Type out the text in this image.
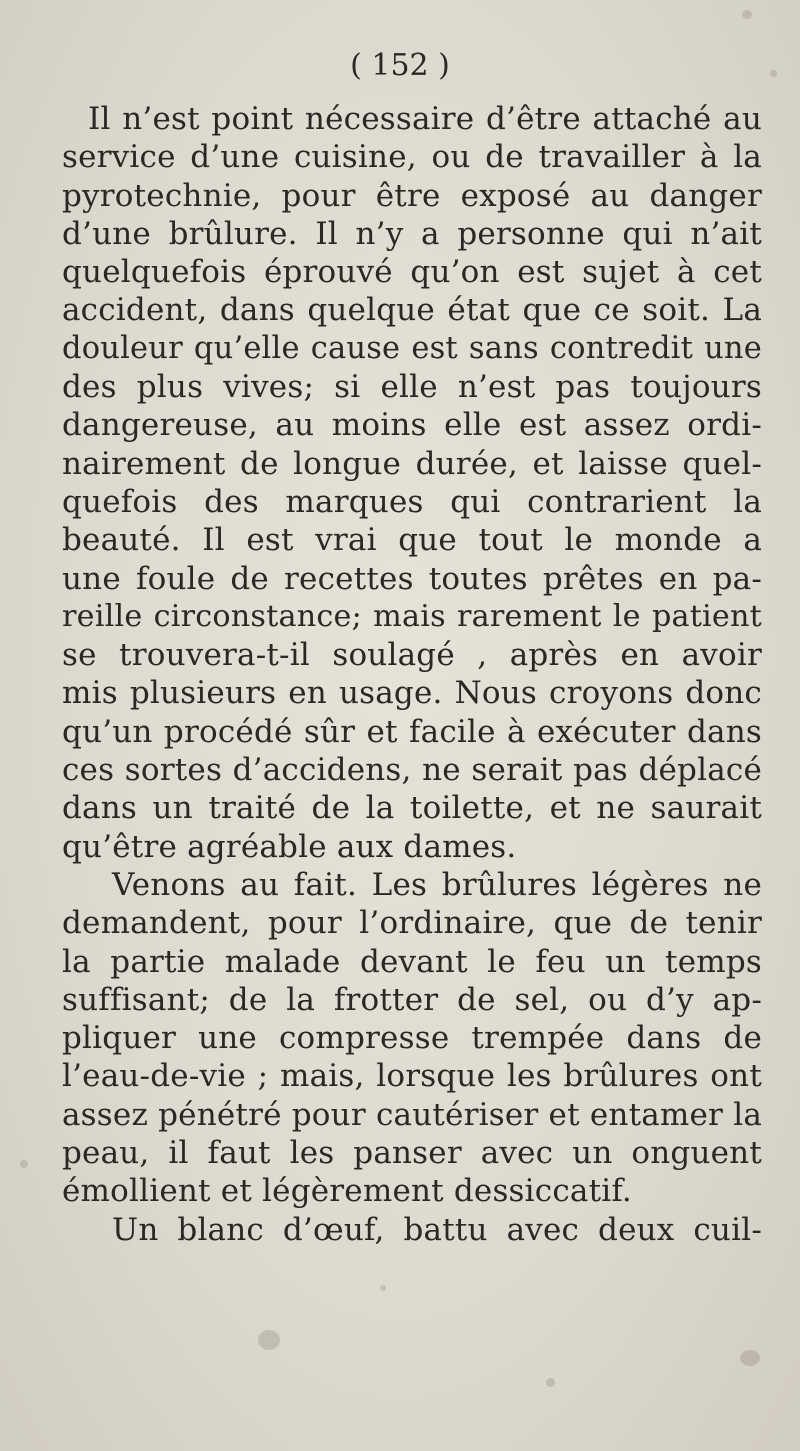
( 152 )
Il n’est point nécessaire d’être attaché au
service d’une cuisine, ou de travailler à la
pyrotechnie, pour être exposé au danger
d’une brûlure. Il n’y a personne qui n’ait
quelquefois éprouvé qu’on est sujet à cet
accident, dans quelque état que ce soit. La
douleur qu’elle cause est sans contredit une
des plus vives; si elle n’est pas toujours
dangereuse, au moins elle est assez ordi-
nairement de longue durée, et laisse quel-
quefois des marques qui contrarient la
beauté. Il est vrai que tout le monde a
une foule de recettes toutes prêtes en pa-
reille circonstance; mais rarement le patient
se trouvera-t-il soulagé , après en avoir
mis plusieurs en usage. Nous croyons donc
qu’un procédé sûr et facile à exécuter dans
ces sortes d’accidens, ne serait pas déplacé
dans un traité de la toilette, et ne saurait
qu’être agréable aux dames.
Venons au fait. Les brûlures légères ne
demandent, pour l’ordinaire, que de tenir
la partie malade devant le feu un temps
suffisant; de la frotter de sel, ou d’y ap-
pliquer une compresse trempée dans de
l’eau-de-vie ; mais, lorsque les brûlures ont
assez pénétré pour cautériser et entamer la
peau, il faut les panser avec un onguent
émollient et légèrement dessiccatif.
Un blanc d’œuf, battu avec deux cuil-
